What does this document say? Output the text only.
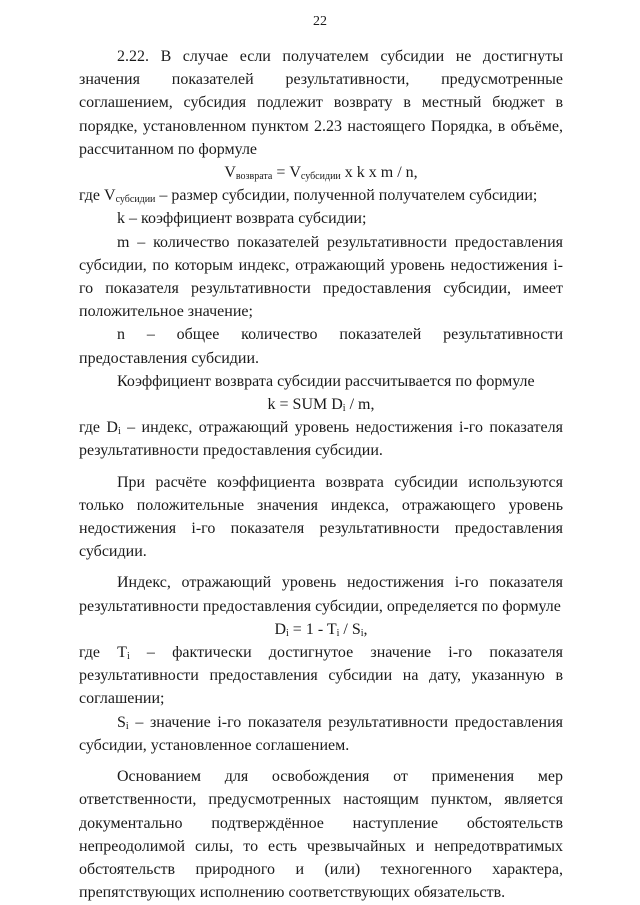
22

2.22. В случае если получателем субсидии не достигнуты значения показателей результативности, предусмотренные соглашением, субсидия подлежит возврату в местный бюджет в порядке, установленном пунктом 2.23 настоящего Порядка, в объёме, рассчитанном по формуле

$V_{возврата} = V_{субсидии}$ x k x m / n,

где $V_{субсидии}$ – размер субсидии, полученной получателем субсидии;

k – коэффициент возврата субсидии;

m – количество показателей результативности предоставления субсидии, по которым индекс, отражающий уровень недостижения i-го показателя результативности предоставления субсидии, имеет положительное значение;

n – общее количество показателей результативности предоставления субсидии.

Коэффициент возврата субсидии рассчитывается по формуле

k = SUM $D_i$ / m,

где $D_i$ – индекс, отражающий уровень недостижения i-го показателя результативности предоставления субсидии.

При расчёте коэффициента возврата субсидии используются только положительные значения индекса, отражающего уровень недостижения i-го показателя результативности предоставления субсидии.

Индекс, отражающий уровень недостижения i-го показателя результативности предоставления субсидии, определяется по формуле

$D_i = 1 - T_i / S_i$,

где $T_i$ – фактически достигнутое значение i-го показателя результативности предоставления субсидии на дату, указанную в соглашении;

$S_i$ – значение i-го показателя результативности предоставления субсидии, установленное соглашением.

Основанием для освобождения от применения мер ответственности, предусмотренных настоящим пунктом, является документально подтверждённое наступление обстоятельств непреодолимой силы, то есть чрезвычайных и непредотвратимых обстоятельств природного и (или) техногенного характера, препятствующих исполнению соответствующих обязательств.
